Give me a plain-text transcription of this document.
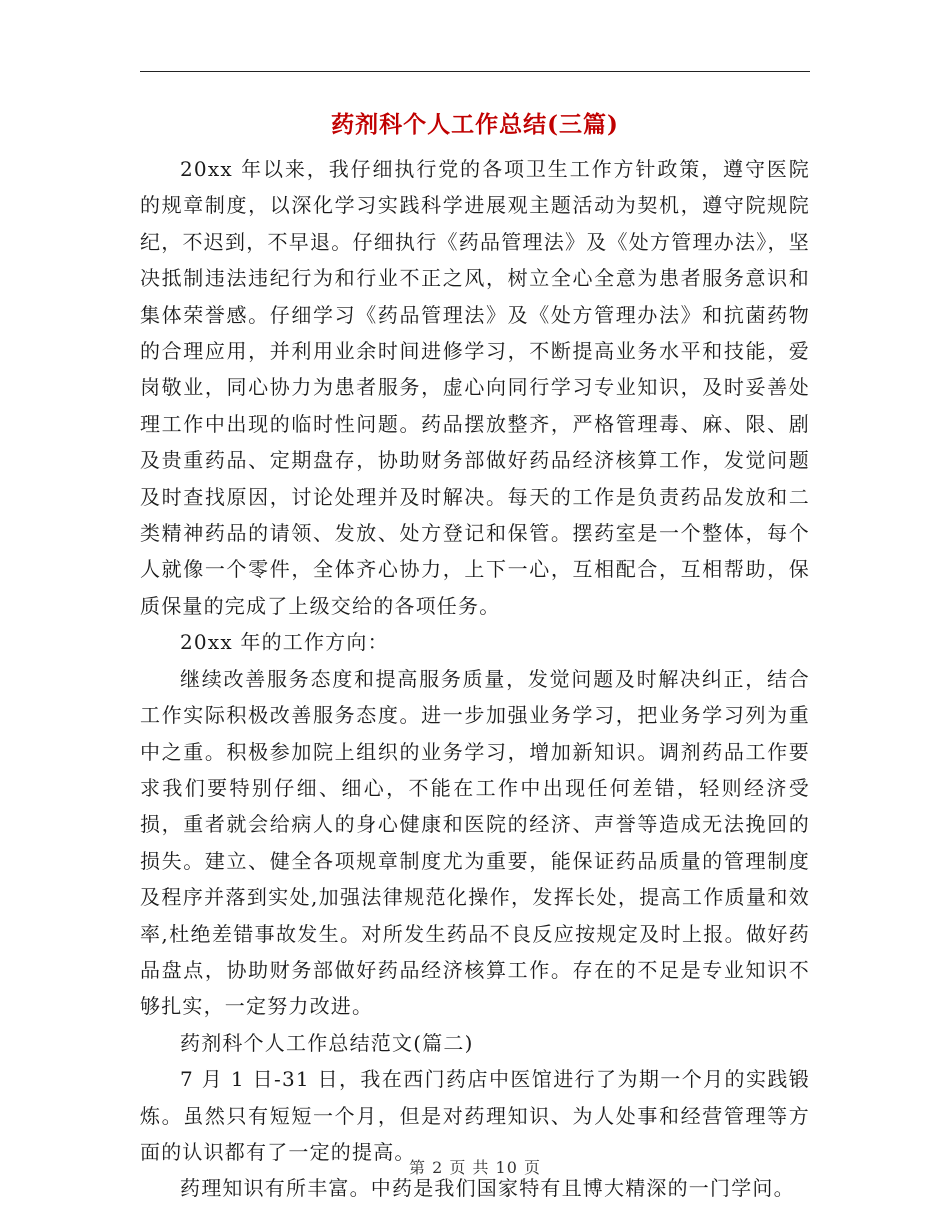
药剂科个人工作总结(三篇)

20xx 年以来，我仔细执行党的各项卫生工作方针政策，遵守医院的规章制度，以深化学习实践科学进展观主题活动为契机，遵守院规院纪，不迟到，不早退。仔细执行《药品管理法》及《处方管理办法》，坚决抵制违法违纪行为和行业不正之风，树立全心全意为患者服务意识和集体荣誉感。仔细学习《药品管理法》及《处方管理办法》和抗菌药物的合理应用，并利用业余时间进修学习，不断提高业务水平和技能，爱岗敬业，同心协力为患者服务，虚心向同行学习专业知识，及时妥善处理工作中出现的临时性问题。药品摆放整齐，严格管理毒、麻、限、剧及贵重药品、定期盘存，协助财务部做好药品经济核算工作，发觉问题及时查找原因，讨论处理并及时解决。每天的工作是负责药品发放和二类精神药品的请领、发放、处方登记和保管。摆药室是一个整体，每个人就像一个零件，全体齐心协力，上下一心，互相配合，互相帮助，保质保量的完成了上级交给的各项任务。

20xx 年的工作方向：

继续改善服务态度和提高服务质量，发觉问题及时解决纠正，结合工作实际积极改善服务态度。进一步加强业务学习，把业务学习列为重中之重。积极参加院上组织的业务学习，增加新知识。调剂药品工作要求我们要特别仔细、细心，不能在工作中出现任何差错，轻则经济受损，重者就会给病人的身心健康和医院的经济、声誉等造成无法挽回的损失。建立、健全各项规章制度尤为重要，能保证药品质量的管理制度及程序并落到实处,加强法律规范化操作，发挥长处，提高工作质量和效率,杜绝差错事故发生。对所发生药品不良反应按规定及时上报。做好药品盘点，协助财务部做好药品经济核算工作。存在的不足是专业知识不够扎实，一定努力改进。

药剂科个人工作总结范文(篇二)

7 月 1 日-31 日，我在西门药店中医馆进行了为期一个月的实践锻炼。虽然只有短短一个月，但是对药理知识、为人处事和经营管理等方面的认识都有了一定的提高。

药理知识有所丰富。中药是我们国家特有且博大精深的一门学问。

第 2 页 共 10 页
